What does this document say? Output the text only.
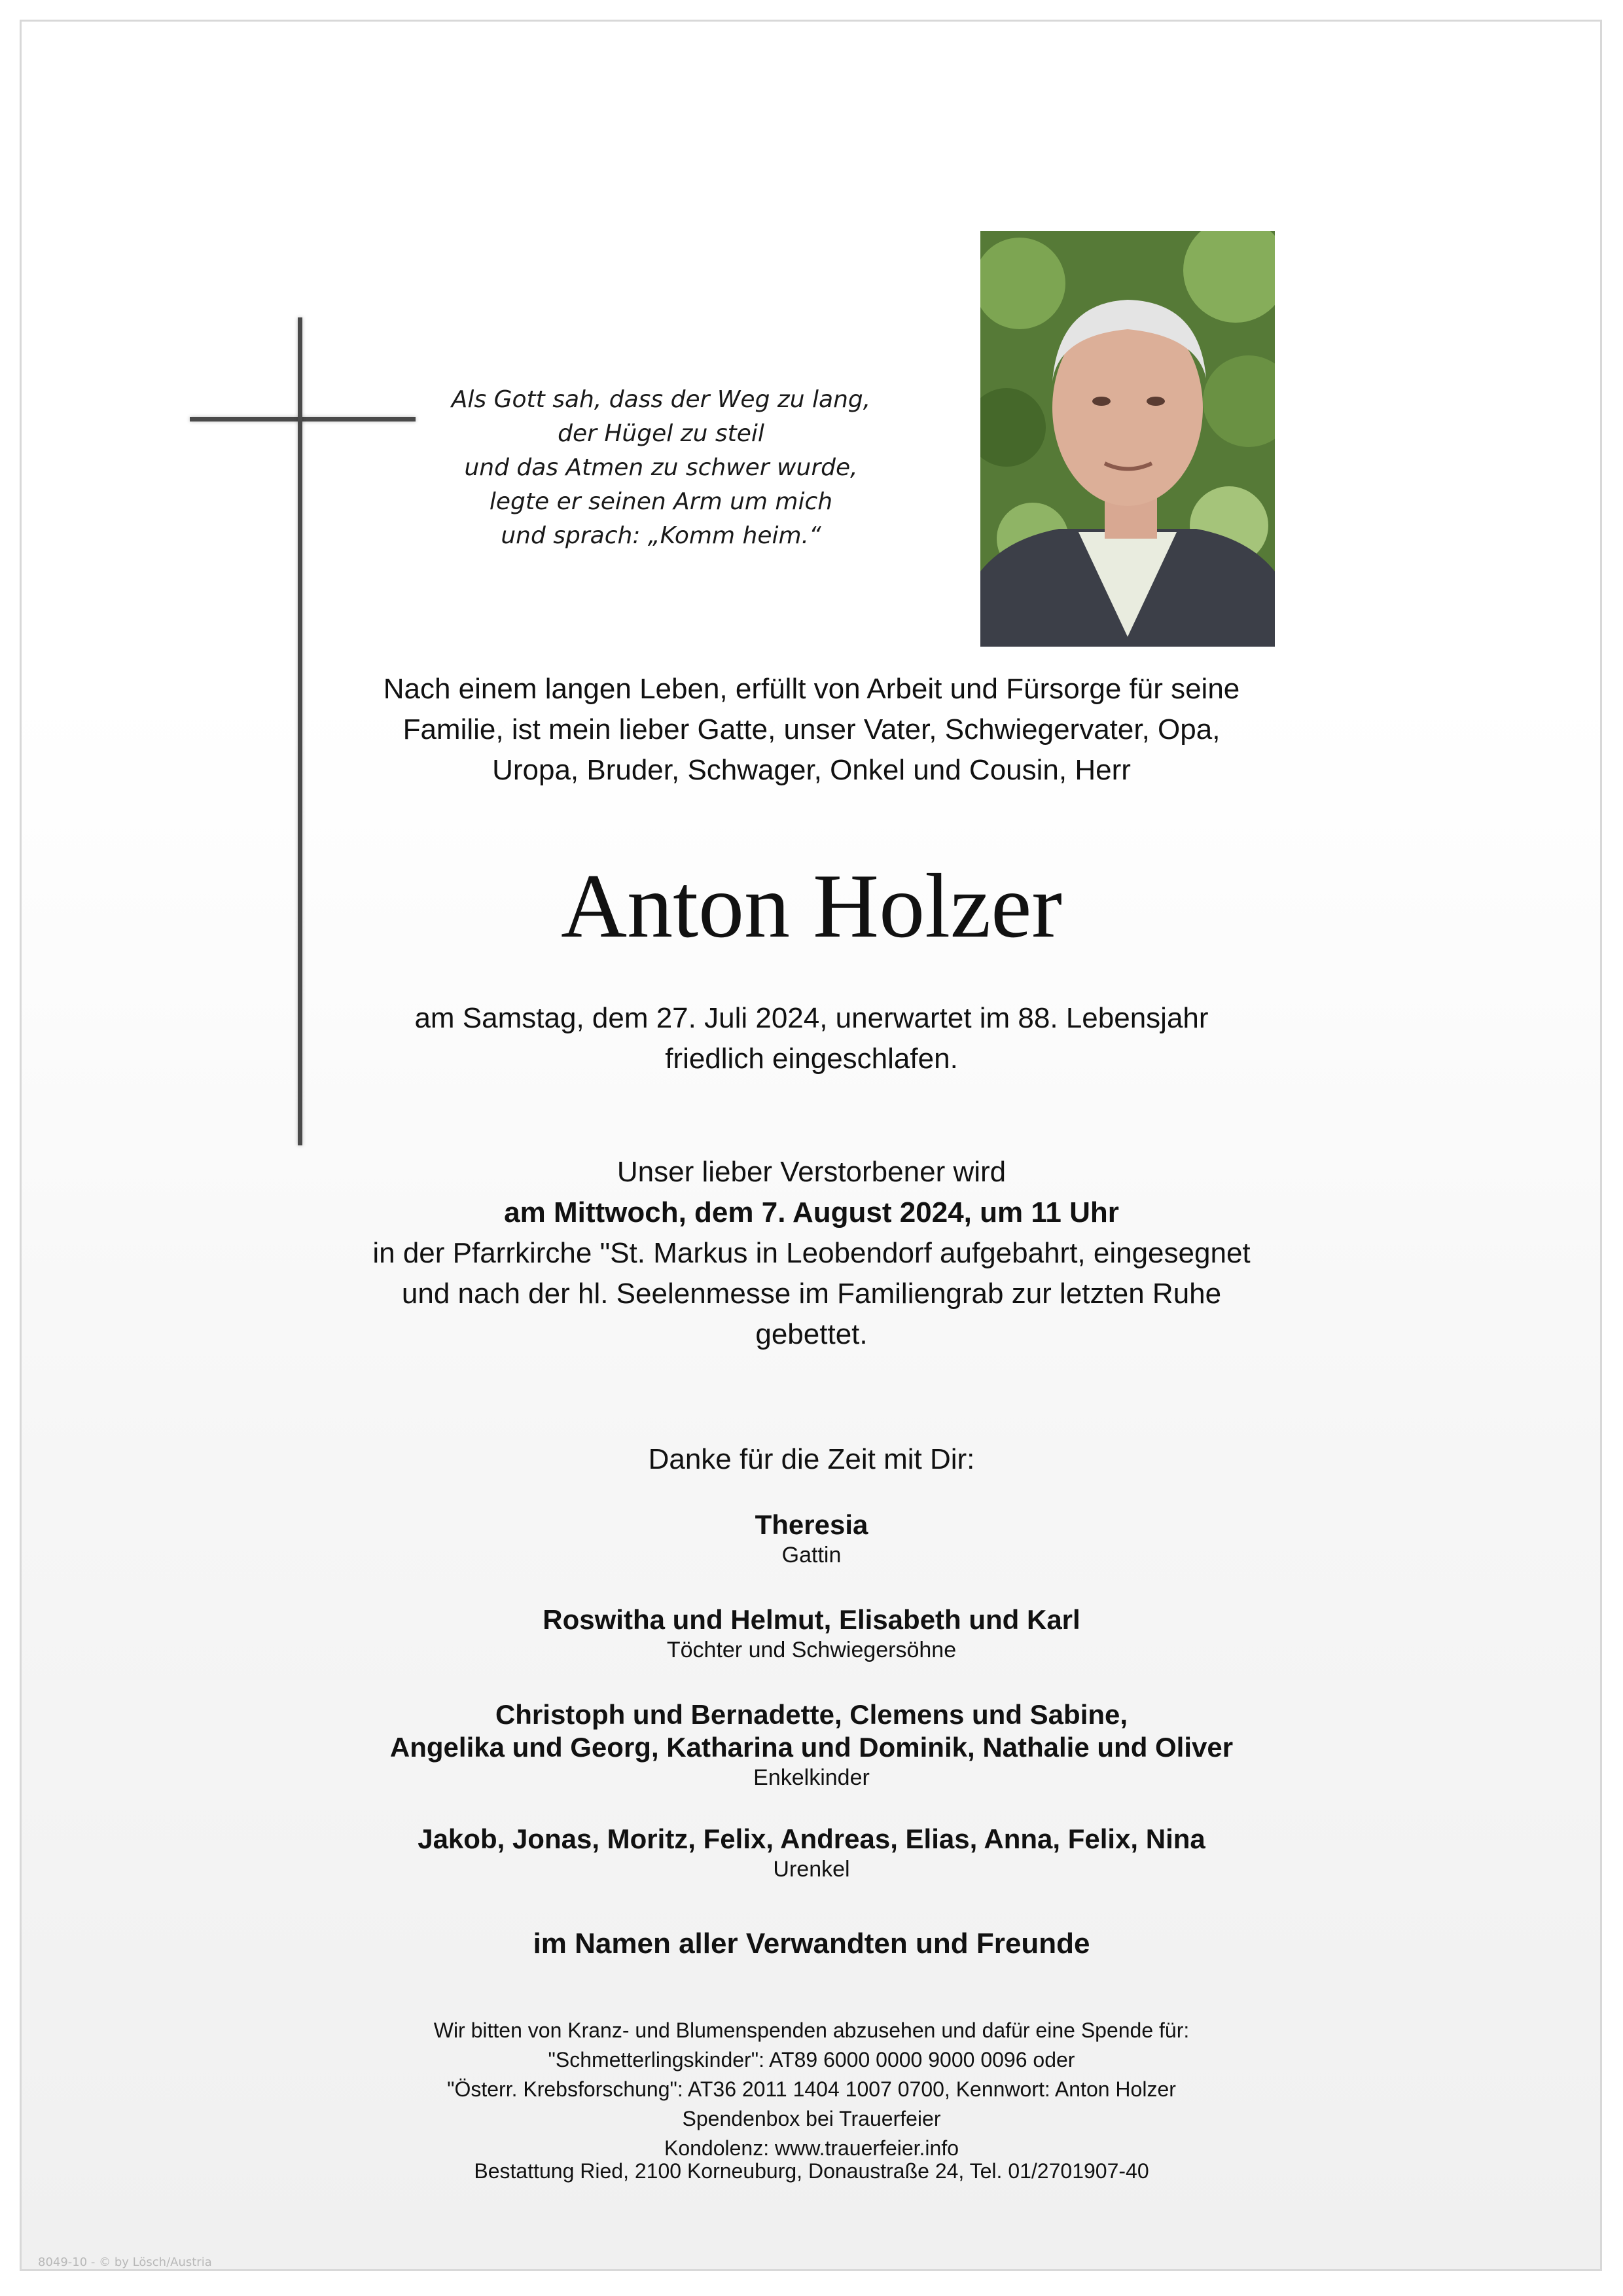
Als Gott sah, dass der Weg zu lang,
der Hügel zu steil
und das Atmen zu schwer wurde,
legte er seinen Arm um mich
und sprach: „Komm heim.“
Nach einem langen Leben, erfüllt von Arbeit und Fürsorge für seine
Familie, ist mein lieber Gatte, unser Vater, Schwiegervater, Opa,
Uropa, Bruder, Schwager, Onkel und Cousin, Herr
Anton Holzer
am Samstag, dem 27. Juli 2024, unerwartet im 88. Lebensjahr
friedlich eingeschlafen.
Unser lieber Verstorbener wird
am Mittwoch, dem 7. August 2024, um 11 Uhr
in der Pfarrkirche "St. Markus in Leobendorf aufgebahrt, eingesegnet
und nach der hl. Seelenmesse im Familiengrab zur letzten Ruhe
gebettet.
Danke für die Zeit mit Dir:
Theresia
Gattin
Roswitha und Helmut, Elisabeth und Karl
Töchter und Schwiegersöhne
Christoph und Bernadette, Clemens und Sabine,
Angelika und Georg, Katharina und Dominik, Nathalie und Oliver
Enkelkinder
Jakob, Jonas, Moritz, Felix, Andreas, Elias, Anna, Felix, Nina
Urenkel
im Namen aller Verwandten und Freunde
Wir bitten von Kranz- und Blumenspenden abzusehen und dafür eine Spende für:
"Schmetterlingskinder": AT89 6000 0000 9000 0096 oder
"Österr. Krebsforschung": AT36 2011 1404 1007 0700, Kennwort: Anton Holzer
Spendenbox bei Trauerfeier
Kondolenz: www.trauerfeier.info
Bestattung Ried, 2100 Korneuburg, Donaustraße 24, Tel. 01/2701907-40
8049-10 - © by Lösch/Austria
